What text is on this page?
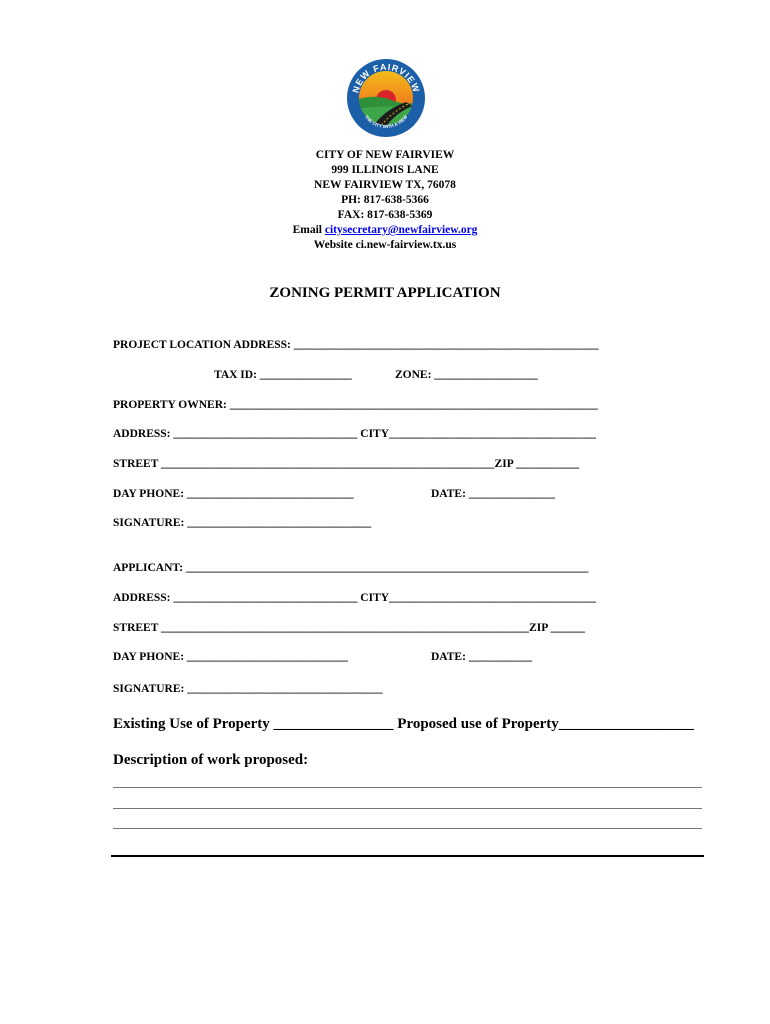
NEW FAIRVIEW
THE CITY WITH A VIEW
CITY OF NEW FAIRVIEW
999 ILLINOIS LANE
NEW FAIRVIEW TX, 76078
PH: 817-638-5366
FAX: 817-638-5369
Email citysecretary@newfairview.org
Website ci.new-fairview.tx.us
ZONING PERMIT APPLICATION
PROJECT LOCATION ADDRESS: _____________________________________________________
TAX ID: ________________	ZONE: __________________
PROPERTY OWNER: ________________________________________________________________
ADDRESS: ________________________________ CITY____________________________________
STREET __________________________________________________________ZIP ___________
DAY PHONE: _____________________________	DATE: _______________
SIGNATURE: ________________________________
APPLICANT: ______________________________________________________________________
ADDRESS: ________________________________ CITY____________________________________
STREET ________________________________________________________________ZIP ______
DAY PHONE: ____________________________	DATE: ___________
SIGNATURE: __________________________________
Existing Use of Property ________________ Proposed use of Property__________________
Description of work proposed:
